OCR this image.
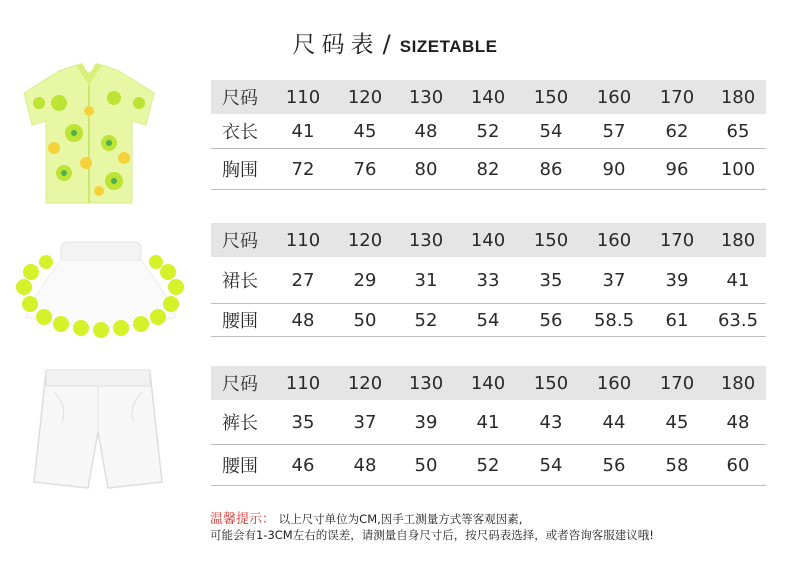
尺码表 / SIZETABLE
尺码	110	120	130	140	150	160	170	180
衣长	41	45	48	52	54	57	62	65
胸围	72	76	80	82	86	90	96	100
尺码	110	120	130	140	150	160	170	180
裙长	27	29	31	33	35	37	39	41
腰围	48	50	52	54	56	58.5	61	63.5
尺码	110	120	130	140	150	160	170	180
裤长	35	37	39	41	43	44	45	48
腰围	46	48	50	52	54	56	58	60
温馨提示： 以上尺寸单位为CM,因手工测量方式等客观因素,
可能会有1-3CM左右的误差，请测量自身尺寸后，按尺码表选择，或者咨询客服建议哦!
